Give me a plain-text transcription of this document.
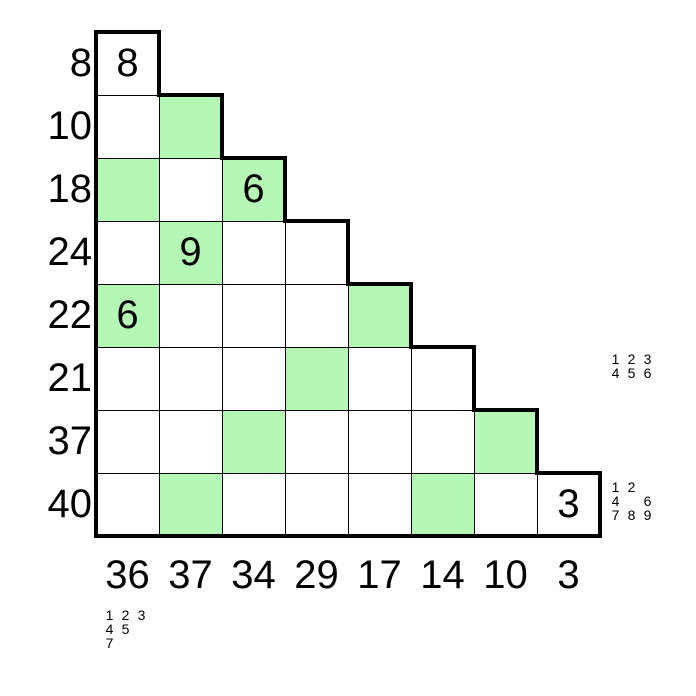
8
6
9
6
3
8
10
18
24
22
21
37
40
36 37 34 29 17 14 10 3
1 2 3
4 5 6
1 2
4 6
7 8 9
1 2 3
4 5
7
